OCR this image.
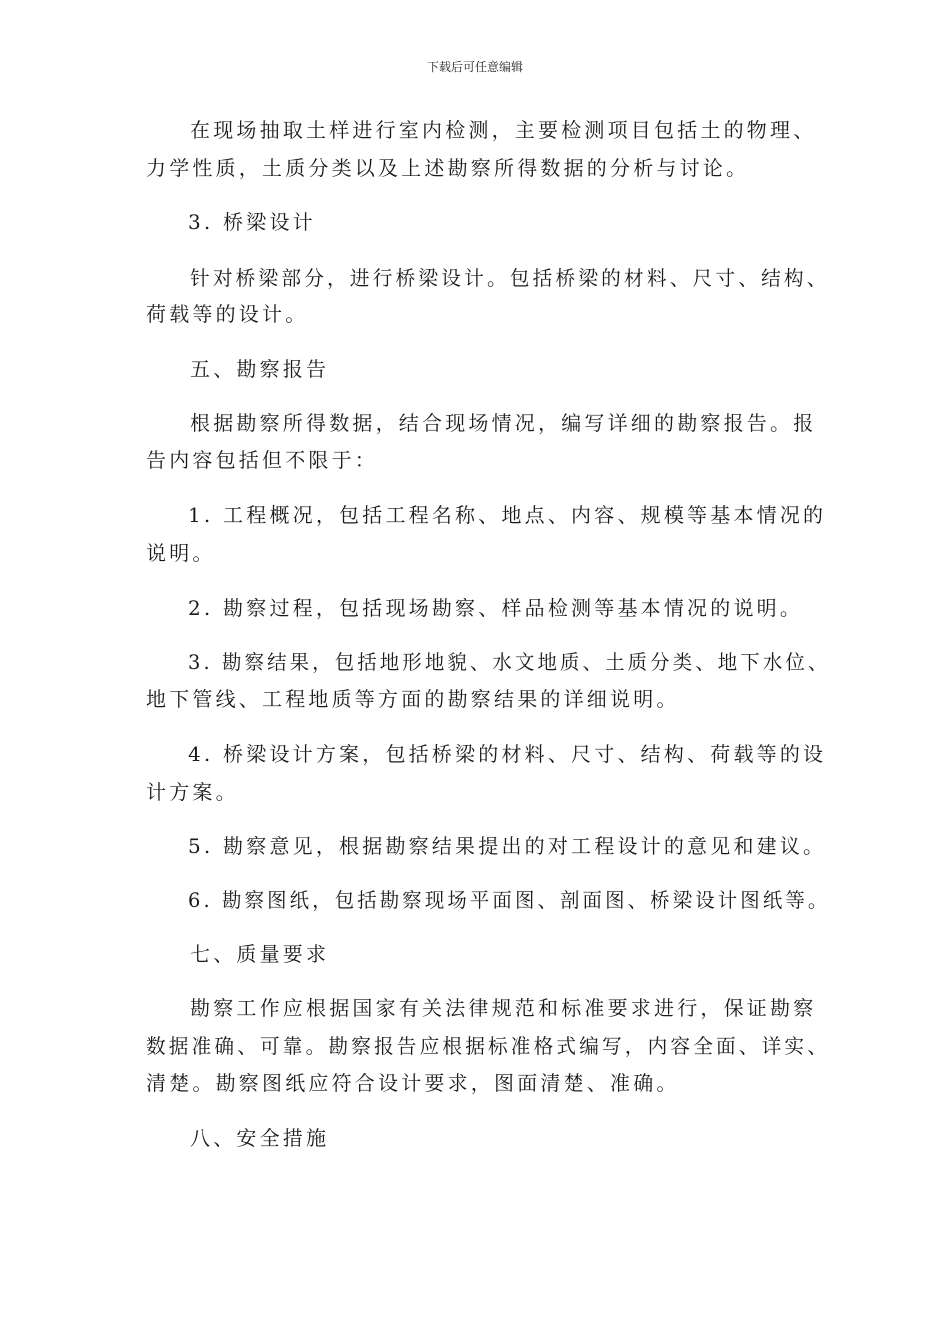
下载后可任意编辑
在现场抽取土样进行室内检测，主要检测项目包括土的物理、
力学性质，土质分类以及上述勘察所得数据的分析与讨论。
3. 桥梁设计
针对桥梁部分，进行桥梁设计。包括桥梁的材料、尺寸、结构、
荷载等的设计。
五、勘察报告
根据勘察所得数据，结合现场情况，编写详细的勘察报告。报
告内容包括但不限于：
1. 工程概况，包括工程名称、地点、内容、规模等基本情况的
说明。
2. 勘察过程，包括现场勘察、样品检测等基本情况的说明。
3. 勘察结果，包括地形地貌、水文地质、土质分类、地下水位、
地下管线、工程地质等方面的勘察结果的详细说明。
4. 桥梁设计方案，包括桥梁的材料、尺寸、结构、荷载等的设
计方案。
5. 勘察意见，根据勘察结果提出的对工程设计的意见和建议。
6. 勘察图纸，包括勘察现场平面图、剖面图、桥梁设计图纸等。
七、质量要求
勘察工作应根据国家有关法律规范和标准要求进行，保证勘察
数据准确、可靠。勘察报告应根据标准格式编写，内容全面、详实、
清楚。勘察图纸应符合设计要求，图面清楚、准确。
八、安全措施
